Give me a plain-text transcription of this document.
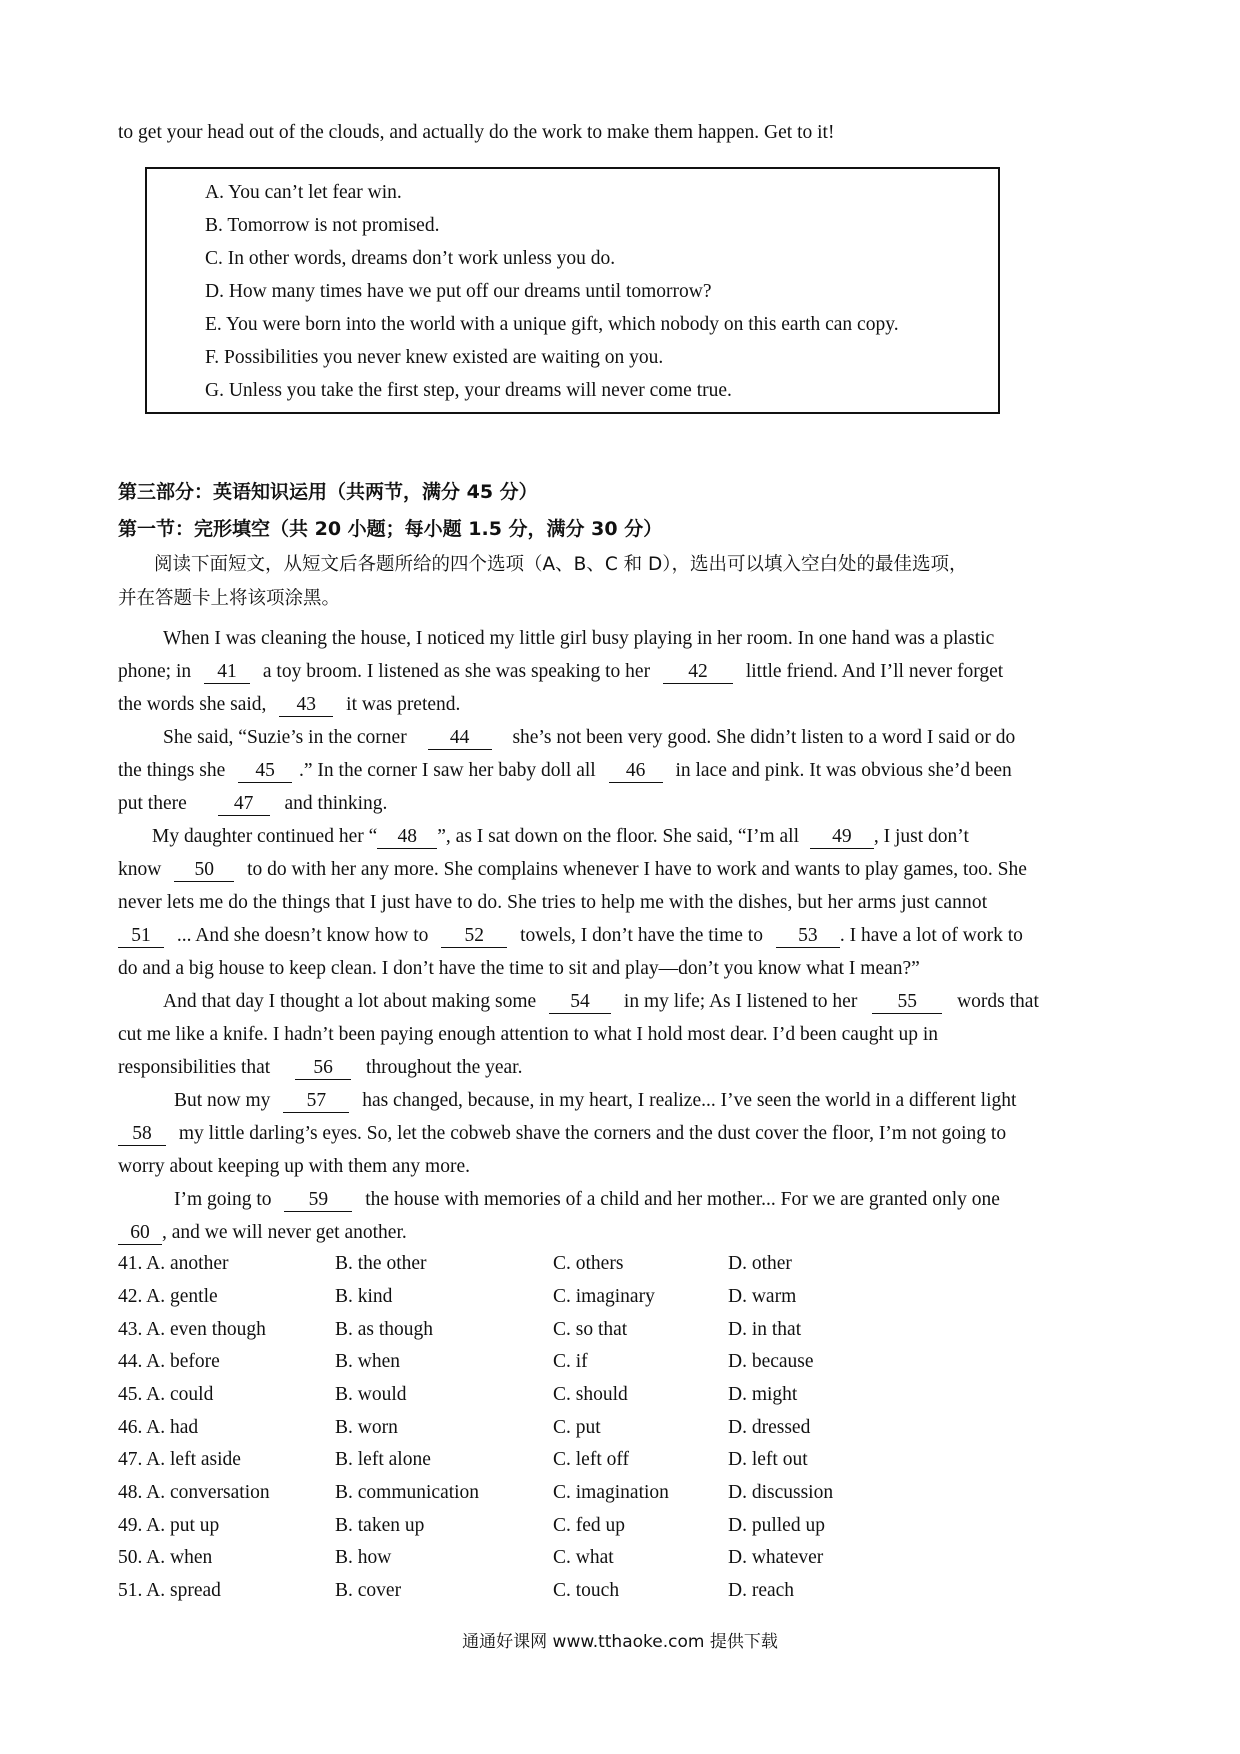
to get your head out of the clouds, and actually do the work to make them happen. Get to it!
A. You can’t let fear win.
B. Tomorrow is not promised.
C. In other words, dreams don’t work unless you do.
D. How many times have we put off our dreams until tomorrow?
E. You were born into the world with a unique gift, which nobody on this earth can copy.
F. Possibilities you never knew existed are waiting on you.
G. Unless you take the first step, your dreams will never come true.
第三部分：英语知识运用（共两节，满分 45 分）
第一节：完形填空（共 20 小题；每小题 1.5 分，满分 30 分）
阅读下面短文，从短文后各题所给的四个选项（A、B、C 和 D），选出可以填入空白处的最佳选项，
并在答题卡上将该项涂黑。
When I was cleaning the house, I noticed my little girl busy playing in her room. In one hand was a plastic
phone; in 41 a toy broom. I listened as she was speaking to her 42 little friend. And I’ll never forget
the words she said, 43 it was pretend.
She said, “Suzie’s in the corner 44 she’s not been very good. She didn’t listen to a word I said or do
the things she 45 .” In the corner I saw her baby doll all 46 in lace and pink. It was obvious she’d been
put there 47 and thinking.
My daughter continued her “ 48 ”, as I sat down on the floor. She said, “I’m all 49 , I just don’t
know 50 to do with her any more. She complains whenever I have to work and wants to play games, too. She
never lets me do the things that I just have to do. She tries to help me with the dishes, but her arms just cannot
51 ... And she doesn’t know how to 52 towels, I don’t have the time to 53 . I have a lot of work to
do and a big house to keep clean. I don’t have the time to sit and play—don’t you know what I mean?”
And that day I thought a lot about making some 54 in my life; As I listened to her 55 words that
cut me like a knife. I hadn’t been paying enough attention to what I hold most dear. I’d been caught up in
responsibilities that 56 throughout the year.
But now my 57 has changed, because, in my heart, I realize... I’ve seen the world in a different light
58 my little darling’s eyes. So, let the cobweb shave the corners and the dust cover the floor, I’m not going to
worry about keeping up with them any more.
I’m going to 59 the house with memories of a child and her mother... For we are granted only one
60 , and we will never get another.
41. A. another	B. the other	C. others	D. other
42. A. gentle	B. kind	C. imaginary	D. warm
43. A. even though	B. as though	C. so that	D. in that
44. A. before	B. when	C. if	D. because
45. A. could	B. would	C. should	D. might
46. A. had	B. worn	C. put	D. dressed
47. A. left aside	B. left alone	C. left off	D. left out
48. A. conversation	B. communication	C. imagination	D. discussion
49. A. put up	B. taken up	C. fed up	D. pulled up
50. A. when	B. how	C. what	D. whatever
51. A. spread	B. cover	C. touch	D. reach
通通好课网 www.tthaoke.com 提供下载
